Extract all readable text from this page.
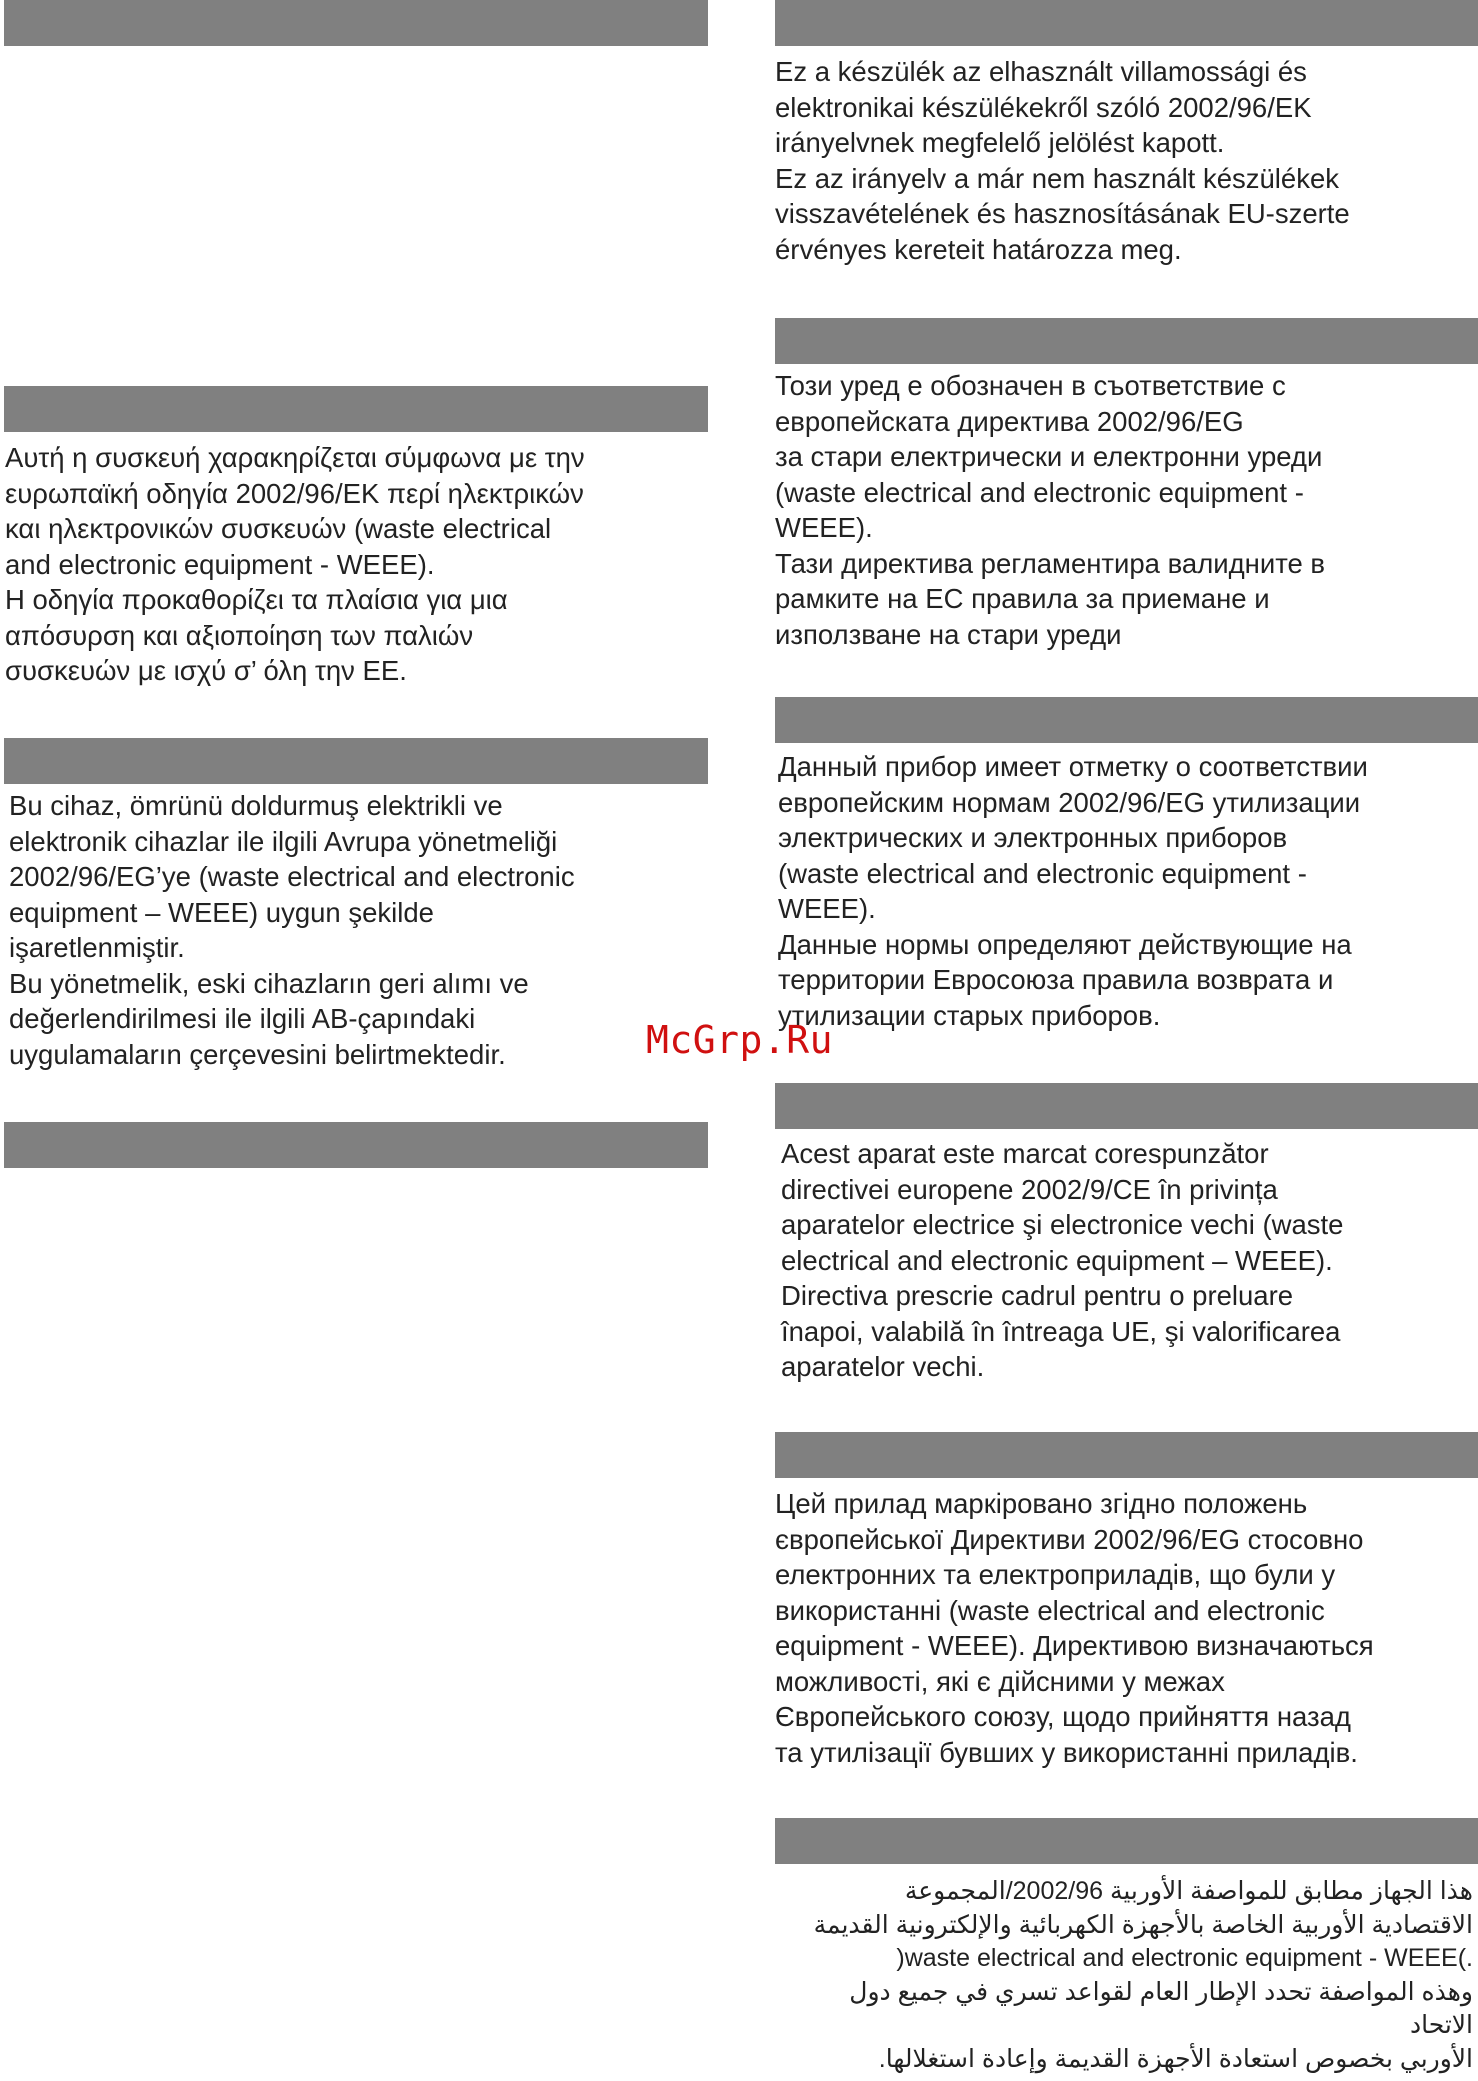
Αυτή η συσκευή χαρακηρίζεται σύμφωνα με την
ευρωπαϊκή οδηγία 2002/96/ΕΚ περί ηλεκτρικών
και ηλεκτρονικών συσκευών (waste electrical
and electronic equipment - WEEE).
Η οδηγία προκαθορίζει τα πλαίσια για μια
απόσυρση και αξιοποίηση των παλιών
συσκευών με ισχύ σ’ όλη την ΕΕ.

Bu cihaz, ömrünü doldurmuş elektrikli ve
elektronik cihazlar ile ilgili Avrupa yönetmeliği
2002/96/EG’ye (waste electrical and electronic
equipment – WEEE) uygun şekilde
işaretlenmiştir.
Bu yönetmelik, eski cihazların geri alımı ve
değerlendirilmesi ile ilgili AB-çapındaki
uygulamaların çerçevesini belirtmektedir.

Ez a készülék az elhasznált villamossági és
elektronikai készülékekről szóló 2002/96/EK
irányelvnek megfelelő jelölést kapott.
Ez az irányelv a már nem használt készülékek
visszavételének és hasznosításának EU-szerte
érvényes kereteit határozza meg.

Този уред е обозначен в съответствие с
европейската директива 2002/96/EG
за стари електрически и електронни уреди
(waste electrical and electronic equipment -
WEEE).
Тази директива регламентира валидните в
рамките на ЕС правила за приемане и
използване на стари уреди

Данный прибор имеет отметку о соответствии
европейским нормам 2002/96/EG утилизации
электрических и электронных приборов
(waste electrical and electronic equipment -
WEEE).
Данные нормы определяют действующие на
территории Евросоюза правила возврата и
утилизации старых приборов.

Acest aparat este marcat corespunzător
directivei europene 2002/9/CE în privința
aparatelor electrice şi electronice vechi (waste
electrical and electronic equipment – WEEE).
Directiva prescrie cadrul pentru o preluare
înapoi, valabilă în întreaga UE, şi valorificarea
aparatelor vechi.

Цей прилад маркіровано згідно положень
європейської Директиви 2002/96/EG стосовно
електронних та електроприладів, що були у
використанні (waste electrical and electronic
equipment - WEEE). Директивою визначаються
можливості, які є дійсними у межах
Європейського союзу, щодо прийняття назад
та утилізації бувших у використанні приладів.

هذا الجهاز مطابق للمواصفة الأوربية 2002/96/المجموعة
الاقتصادية الأوربية الخاصة بالأجهزة الكهربائية والإلكترونية القديمة
(waste electrical and electronic equipment - WEEE).
وهذه المواصفة تحدد الإطار العام لقواعد تسري في جميع دول الاتحاد
الأوربي بخصوص استعادة الأجهزة القديمة وإعادة استغلالها.

McGrp.Ru
